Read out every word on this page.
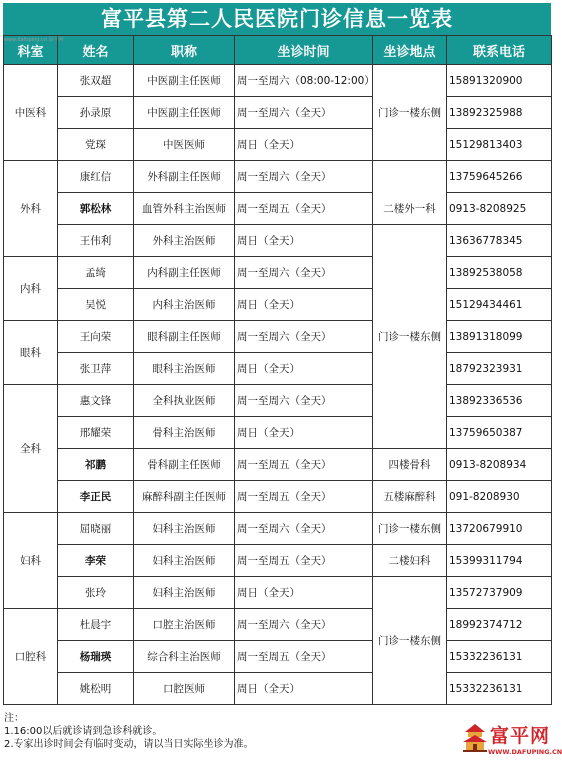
富平县第二人民医院门诊信息一览表
科室	姓名	职称	坐诊时间	坐诊地点	联系电话
中医科	张双超	中医副主任医师	周一至周六（08:00-12:00）	门诊一楼东侧	15891320900
	孙录原	中医副主任医师	周一至周六（全天）		13892325988
	党琛	中医医师	周日（全天）		15129813403
外科	康红信	外科副主任医师	周一至周六（全天）		13759645266
	郭松林	血管外科主治医师	周一至周五（全天）	二楼外一科	0913-8208925
	王伟利	外科主治医师	周日（全天）	门诊一楼东侧	13636778345
内科	孟绮	内科副主任医师	周一至周六（全天）		13892538058
	吴悦	内科主治医师	周日（全天）		15129434461
眼科	王向荣	眼科副主任医师	周一至周六（全天）		13891318099
	张卫萍	眼科主治医师	周日（全天）		18792323931
全科	惠文锋	全科执业医师	周一至周六（全天）		13892336536
	邢耀荣	骨科主治医师	周日（全天）		13759650387
	祁鹏	骨科副主任医师	周一至周五（全天）	四楼骨科	0913-8208934
	李正民	麻醉科副主任医师	周一至周五（全天）	五楼麻醉科	091-8208930
妇科	屈晓丽	妇科主治医师	周一至周六（全天）	门诊一楼东侧	13720679910
	李荣	妇科主治医师	周一至周五（全天）	二楼妇科	15399311794
	张玲	妇科主治医师	周日（全天）	门诊一楼东侧	13572737909
口腔科	杜晨宇	口腔主治医师	周一至周六（全天）		18992374712
	杨瑞瑛	综合科主治医师	周一至周五（全天）		15332236131
	姚松明	口腔医师	周日（全天）		15332236131
www.dafuping.cn 富平网
注：
1.16:00以后就诊请到急诊科就诊。
2.专家出诊时间会有临时变动，请以当日实际坐诊为准。	富平网
WWW.DAFUPING.CN
